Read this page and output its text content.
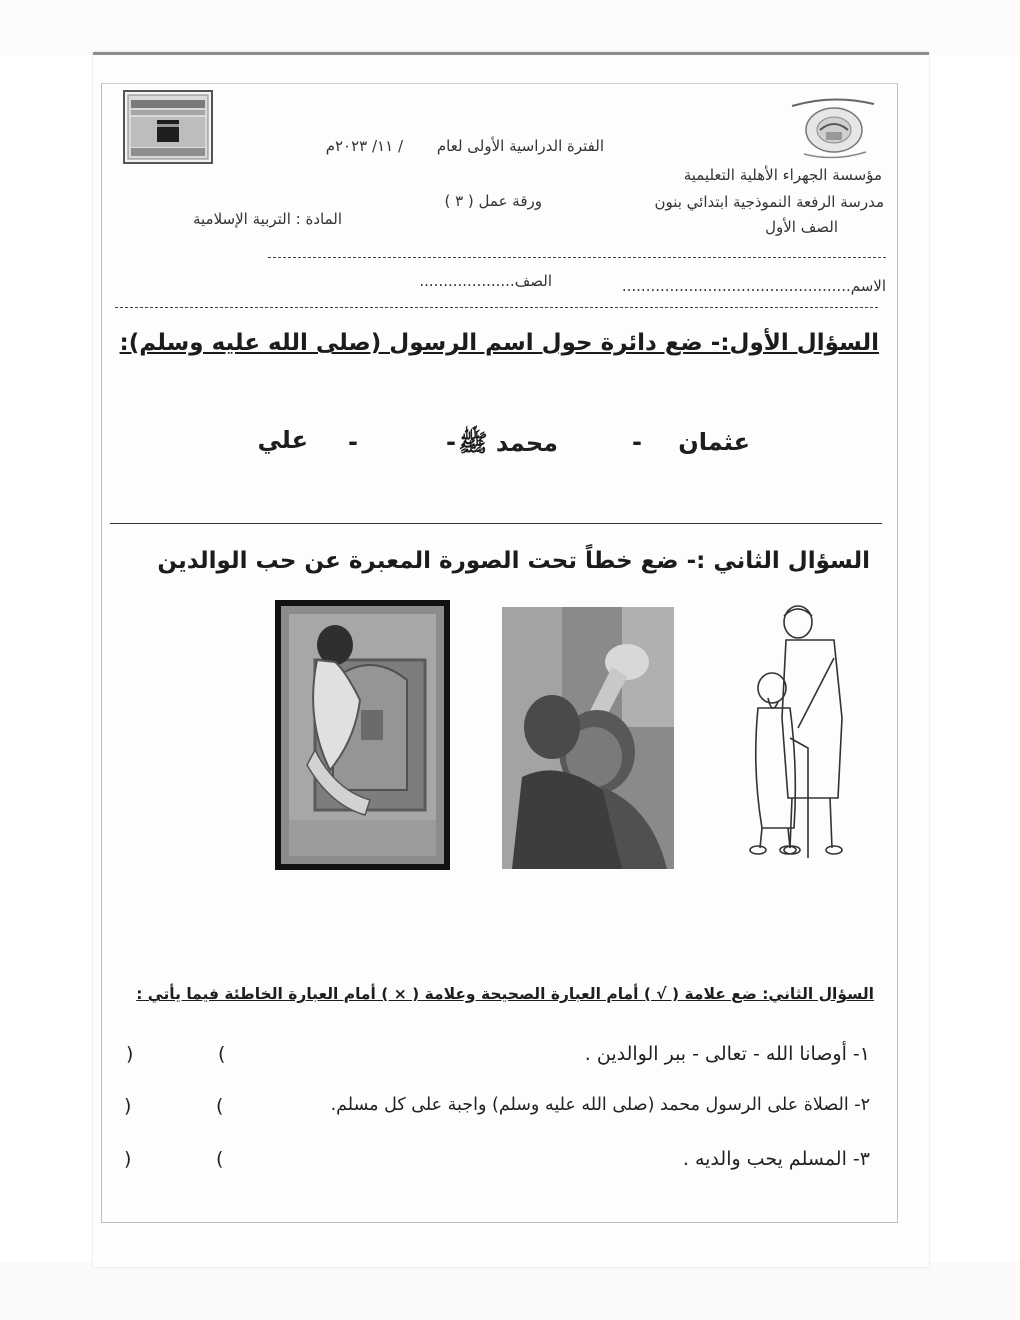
مؤسسة الجهراء الأهلية التعليمية
مدرسة الرفعة النموذجية ابتدائي بنون
الصف الأول
الفترة الدراسية الأولى لعام
/ ١١/ ٢٠٢٣م
ورقة عمل ( ٣ )
المادة : التربية الإسلامية
الاسم................................................
الصف....................
السؤال الأول:- ضع دائرة حول اسم الرسول (صلى الله عليه وسلم):
عثمان
-
محمد ﷺ
-
-
علي
السؤال الثاني :- ضع خطاً تحت الصورة المعبرة عن حب الوالدين
السؤال الثاني: ضع علامة ( √ ) أمام العبارة الصحيحة وعلامة ( × ) أمام العبارة الخاطئة فيما يأتي :
١- أوصانا الله - تعالى - ببر الوالدين .
(
)
٢- الصلاة على الرسول محمد (صلى الله عليه وسلم) واجبة على كل مسلم.
(
)
٣- المسلم يحب والديه .
(
)
